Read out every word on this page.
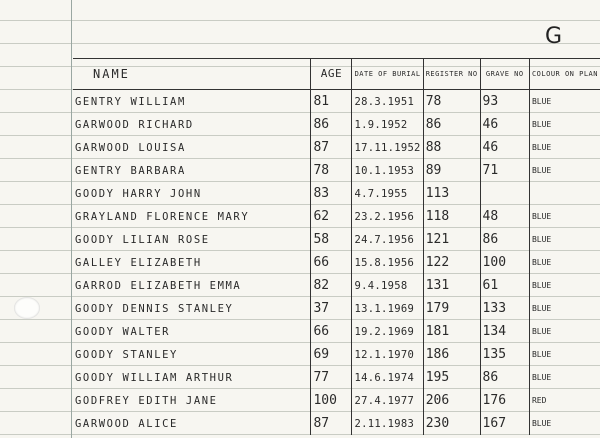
G
NAME	AGE	DATE OF BURIAL	REGISTER NO	GRAVE NO	COLOUR ON PLAN
GENTRY WILLIAM	81	28.3.1951	78	93	BLUE
GARWOOD RICHARD	86	1.9.1952	86	46	BLUE
GARWOOD LOUISA	87	17.11.1952	88	46	BLUE
GENTRY BARBARA	78	10.1.1953	89	71	BLUE
GOODY HARRY JOHN	83	4.7.1955	113		
GRAYLAND FLORENCE MARY	62	23.2.1956	118	48	BLUE
GOODY LILIAN ROSE	58	24.7.1956	121	86	BLUE
GALLEY ELIZABETH	66	15.8.1956	122	100	BLUE
GARROD ELIZABETH EMMA	82	9.4.1958	131	61	BLUE
GOODY DENNIS STANLEY	37	13.1.1969	179	133	BLUE
GOODY WALTER	66	19.2.1969	181	134	BLUE
GOODY STANLEY	69	12.1.1970	186	135	BLUE
GOODY WILLIAM ARTHUR	77	14.6.1974	195	86	BLUE
GODFREY EDITH JANE	100	27.4.1977	206	176	RED
GARWOOD ALICE	87	2.11.1983	230	167	BLUE
